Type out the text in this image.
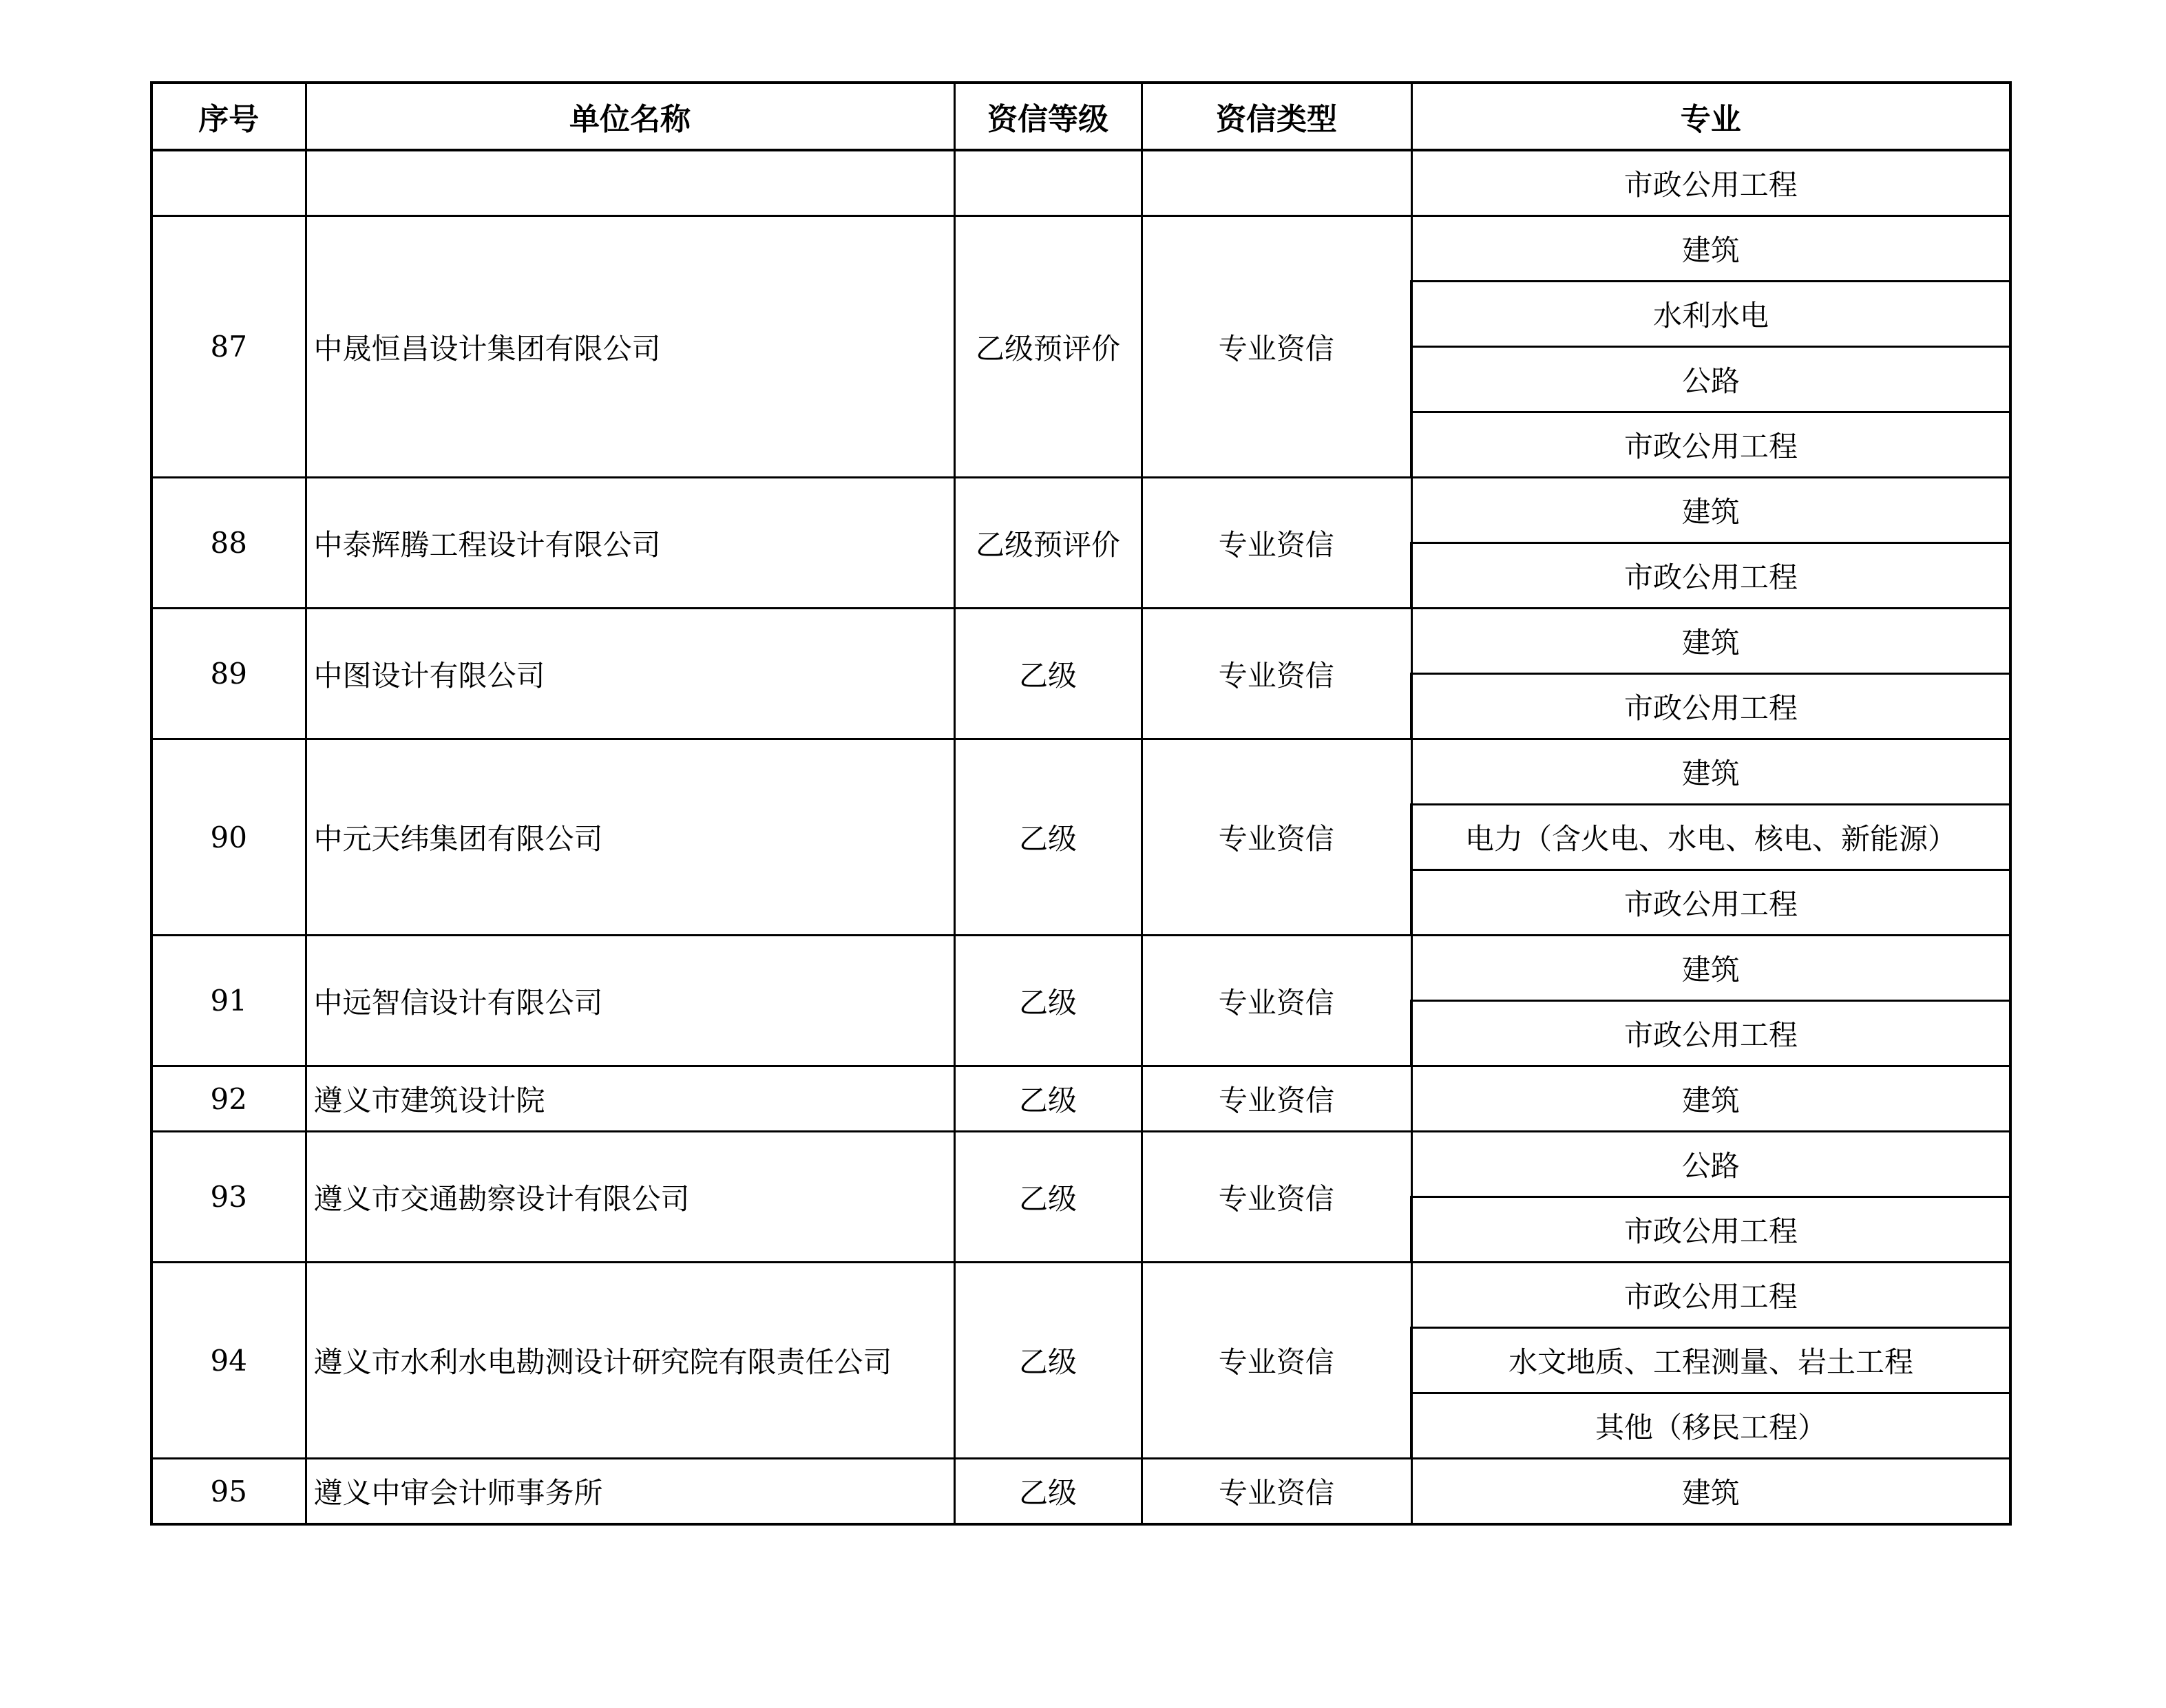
序号	单位名称	资信等级	资信类型	专业
				市政公用工程
87	中晟恒昌设计集团有限公司	乙级预评价	专业资信	建筑
				水利水电
				公路
				市政公用工程
88	中泰辉腾工程设计有限公司	乙级预评价	专业资信	建筑
				市政公用工程
89	中图设计有限公司	乙级	专业资信	建筑
				市政公用工程
90	中元天纬集团有限公司	乙级	专业资信	建筑
				电力（含火电、水电、核电、新能源）
				市政公用工程
91	中远智信设计有限公司	乙级	专业资信	建筑
				市政公用工程
92	遵义市建筑设计院	乙级	专业资信	建筑
93	遵义市交通勘察设计有限公司	乙级	专业资信	公路
				市政公用工程
94	遵义市水利水电勘测设计研究院有限责任公司	乙级	专业资信	市政公用工程
				水文地质、工程测量、岩土工程
				其他（移民工程）
95	遵义中审会计师事务所	乙级	专业资信	建筑
